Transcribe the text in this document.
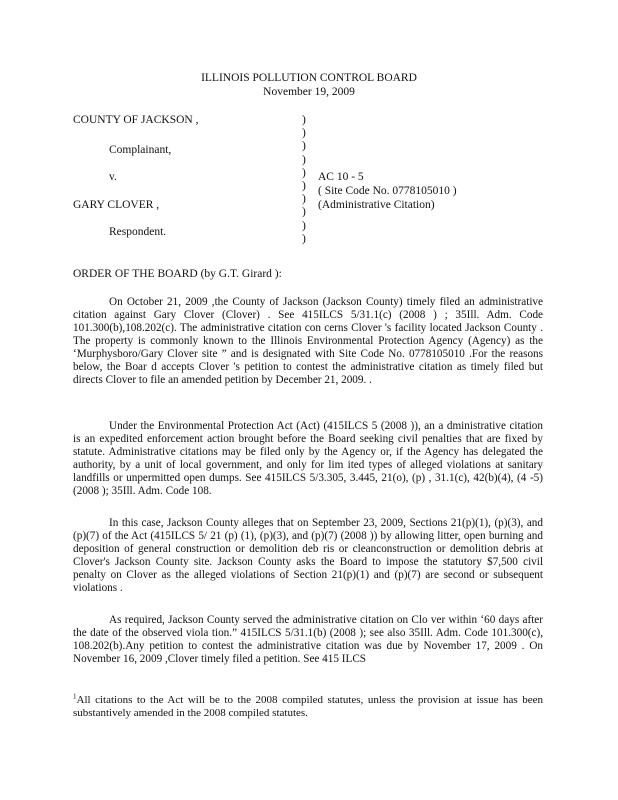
ILLINOIS POLLUTION CONTROL BOARD
November 19, 2009
COUNTY OF JACKSON ,
Complainant,
v.
GARY CLOVER ,
Respondent.
)
)
)
)
)
)
)
)
)
)
AC 10 - 5
( Site Code No. 0778105010 )
(Administrative Citation)
ORDER OF THE BOARD (by G.T. Girard ):

On October 21, 2009 ,the County of Jackson (Jackson County) timely filed an administrative citation against Gary Clover (Clover) . See 415ILCS 5/31.1(c) (2008 ) ; 35Ill. Adm. Code 101.300(b),108.202(c). The administrative citation con cerns Clover 's facility located Jackson County . The property is commonly known to the Illinois Environmental Protection Agency (Agency) as the ‘Murphysboro/Gary Clover site ” and is designated with Site Code No. 0778105010 .For the reasons below, the Boar d accepts Clover 's petition to contest the administrative citation as timely filed but directs Clover to file an amended petition by December 21, 2009. .

Under the Environmental Protection Act (Act) (415ILCS 5 (2008 )), an a dministrative citation is an expedited enforcement action brought before the Board seeking civil penalties that are fixed by statute. Administrative citations may be filed only by the Agency or, if the Agency has delegated the authority, by a unit of local government, and only for lim ited types of alleged violations at sanitary landfills or unpermitted open dumps. See 415ILCS 5/3.305, 3.445, 21(o), (p) , 31.1(c), 42(b)(4), (4 -5) (2008 ); 35Ill. Adm. Code 108.

In this case, Jackson County alleges that on September 23, 2009, Sections 21(p)(1), (p)(3), and (p)(7) of the Act (415ILCS 5/ 21 (p) (1), (p)(3), and (p)(7) (2008 )) by allowing litter, open burning and deposition of general construction or demolition deb ris or cleanconstruction or demolition debris at Clover's Jackson County site. Jackson County asks the Board to impose the statutory $7,500 civil penalty on Clover as the alleged violations of Section 21(p)(1) and (p)(7) are second or subsequent violations .

As required, Jackson County served the administrative citation on Clo ver within ‘60 days after the date of the observed viola tion.” 415ILCS 5/31.1(b) (2008 ); see also 35Ill. Adm. Code 101.300(c), 108.202(b).Any petition to contest the administrative citation was due by November 17, 2009 . On November 16, 2009 ,Clover timely filed a petition. See 415 ILCS

$^1$All citations to the Act will be to the 2008 compiled statutes, unless the provision at issue has been substantively amended in the 2008 compiled statutes.
